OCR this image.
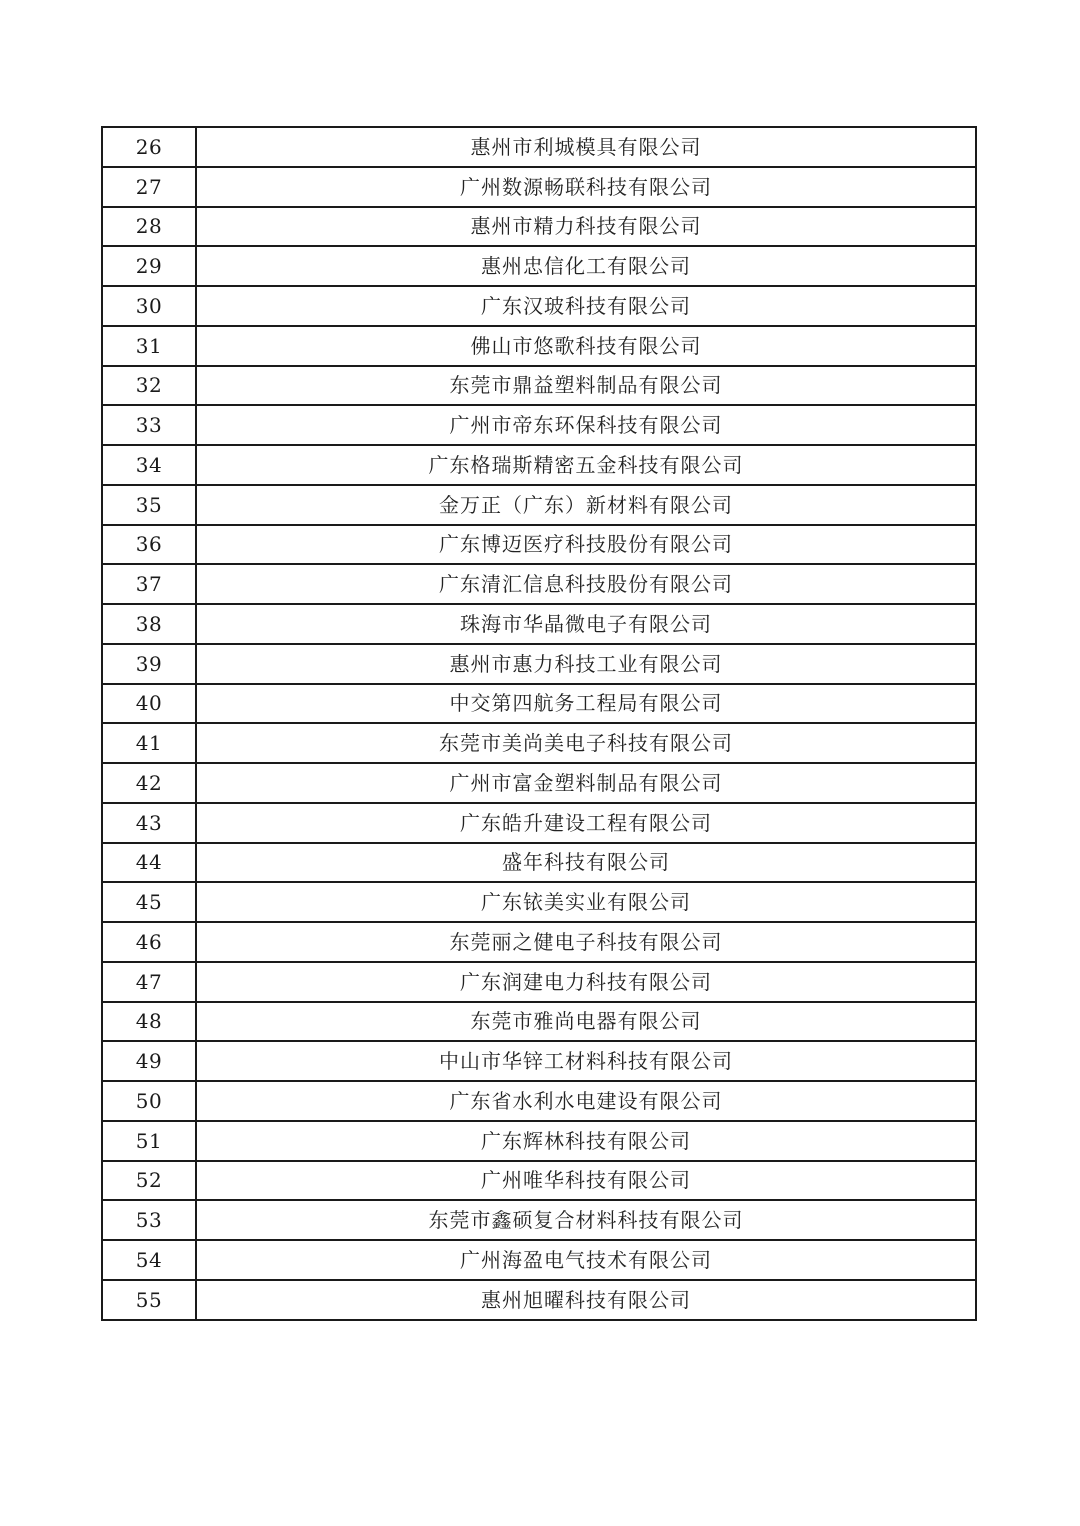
26	惠州市利城模具有限公司
27	广州数源畅联科技有限公司
28	惠州市精力科技有限公司
29	惠州忠信化工有限公司
30	广东汉玻科技有限公司
31	佛山市悠歌科技有限公司
32	东莞市鼎益塑料制品有限公司
33	广州市帝东环保科技有限公司
34	广东格瑞斯精密五金科技有限公司
35	金万正（广东）新材料有限公司
36	广东博迈医疗科技股份有限公司
37	广东清汇信息科技股份有限公司
38	珠海市华晶微电子有限公司
39	惠州市惠力科技工业有限公司
40	中交第四航务工程局有限公司
41	东莞市美尚美电子科技有限公司
42	广州市富金塑料制品有限公司
43	广东皓升建设工程有限公司
44	盛年科技有限公司
45	广东铱美实业有限公司
46	东莞丽之健电子科技有限公司
47	广东润建电力科技有限公司
48	东莞市雅尚电器有限公司
49	中山市华锌工材料科技有限公司
50	广东省水利水电建设有限公司
51	广东辉林科技有限公司
52	广州唯华科技有限公司
53	东莞市鑫硕复合材料科技有限公司
54	广州海盈电气技术有限公司
55	惠州旭曜科技有限公司
